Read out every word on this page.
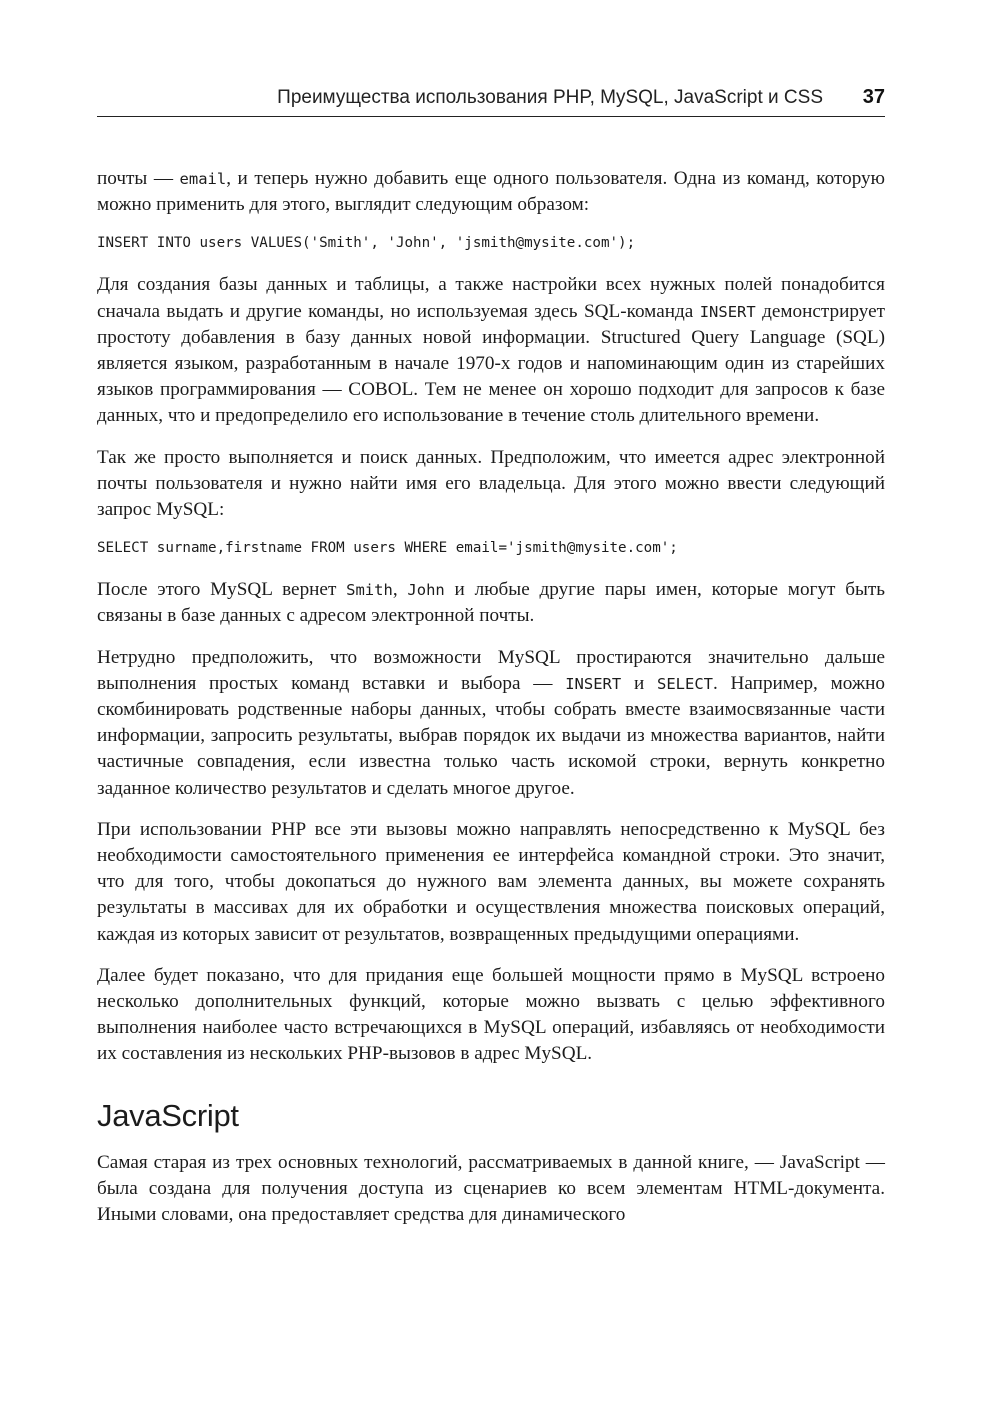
Преимущества использования PHP, MySQL, JavaScript и CSS 37

почты — email, и теперь нужно добавить еще одного пользователя. Одна из команд, которую можно применить для этого, выглядит следующим образом:

INSERT INTO users VALUES('Smith', 'John', 'jsmith@mysite.com');

Для создания базы данных и таблицы, а также настройки всех нужных полей понадобится сначала выдать и другие команды, но используемая здесь SQL-команда INSERT демонстрирует простоту добавления в базу данных новой информации. Structured Query Language (SQL) является языком, разработанным в начале 1970-х годов и напоминающим один из старейших языков программирования — COBOL. Тем не менее он хорошо подходит для запросов к базе данных, что и предопределило его использование в течение столь длительного времени.

Так же просто выполняется и поиск данных. Предположим, что имеется адрес электронной почты пользователя и нужно найти имя его владельца. Для этого можно ввести следующий запрос MySQL:

SELECT surname,firstname FROM users WHERE email='jsmith@mysite.com';

После этого MySQL вернет Smith, John и любые другие пары имен, которые могут быть связаны в базе данных с адресом электронной почты.

Нетрудно предположить, что возможности MySQL простираются значительно дальше выполнения простых команд вставки и выбора — INSERT и SELECT. Например, можно скомбинировать родственные наборы данных, чтобы собрать вместе взаимосвязанные части информации, запросить результаты, выбрав порядок их выдачи из множества вариантов, найти частичные совпадения, если известна только часть искомой строки, вернуть конкретно заданное количество результатов и сделать многое другое.

При использовании PHP все эти вызовы можно направлять непосредственно к MySQL без необходимости самостоятельного применения ее интерфейса командной строки. Это значит, что для того, чтобы докопаться до нужного вам элемента данных, вы можете сохранять результаты в массивах для их обработки и осуществления множества поисковых операций, каждая из которых зависит от результатов, возвращенных предыдущими операциями.

Далее будет показано, что для придания еще большей мощности прямо в MySQL встроено несколько дополнительных функций, которые можно вызвать с целью эффективного выполнения наиболее часто встречающихся в MySQL операций, избавляясь от необходимости их составления из нескольких PHP-вызовов в адрес MySQL.

JavaScript

Самая старая из трех основных технологий, рассматриваемых в данной книге, — JavaScript — была создана для получения доступа из сценариев ко всем элементам HTML-документа. Иными словами, она предоставляет средства для динамического
